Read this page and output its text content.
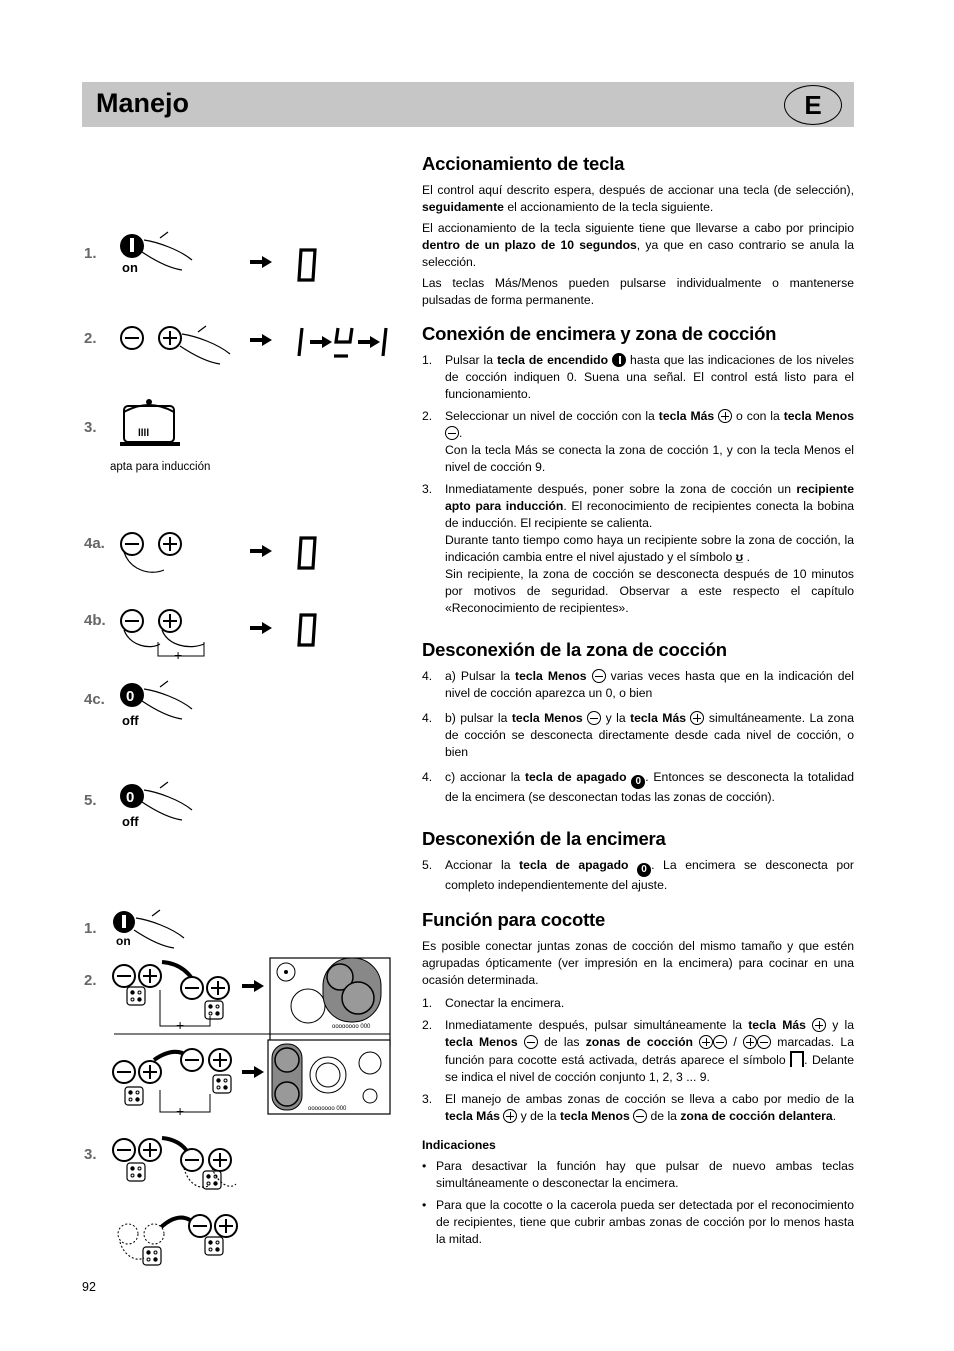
Manejo	E
1.
on
2.
3.	llll
apta para inducción
4a.
4b.
+
4c. 0
off
5. 0
off
1.
on
2.
+	oooooooo 000
+	oooooooo 000
3.
Accionamiento de tecla

El control aquí descrito espera, después de accionar una tecla (de selección), seguidamente el accionamiento de la tecla siguiente.

El accionamiento de la tecla siguiente tiene que llevarse a cabo por principio dentro de un plazo de 10 segundos, ya que en caso contrario se anula la selección.

Las teclas Más/Menos pueden pulsarse individualmente o mantenerse pulsadas de forma permanente.

Conexión de encimera y zona de cocción
1. Pulsar la tecla de encendido  hasta que las indicaciones de los niveles de cocción indiquen 0. Suena una señal. El control está listo para el funcionamiento.
2. Seleccionar un nivel de cocción con la tecla Más  o con la tecla Menos .
Con la tecla Más se conecta la zona de cocción 1, y con la tecla Menos el nivel de cocción 9.
3. Inmediatamente después, poner sobre la zona de cocción un recipiente apto para inducción. El reconocimiento de recipientes conecta la bobina de inducción. El recipiente se calienta.
Durante tanto tiempo como haya un recipiente sobre la zona de cocción, la indicación cambia entre el nivel ajustado y el símbolo ʊ̲ .
Sin recipiente, la zona de cocción se desconecta después de 10 minutos por motivos de seguridad. Observar a este respecto el capítulo «Reconocimiento de recipientes».
Desconexión de la zona de cocción
4. a) Pulsar la tecla Menos  varias veces hasta que en la indicación del nivel de cocción aparezca un 0, o bien
4. b) pulsar la tecla Menos  y la tecla Más  simultáneamente. La zona de cocción se desconecta directamente desde cada nivel de cocción, o bien
4. c) accionar la tecla de apagado 0 . Entonces se desconecta la totalidad de la encimera (se desconectan todas las zonas de cocción).
Desconexión de la encimera
5. Accionar la tecla de apagado 0 . La encimera se desconecta por completo independientemente del ajuste.
Función para cocotte

Es posible conectar juntas zonas de cocción del mismo tamaño y que estén agrupadas ópticamente (ver impresión en la encimera) para cocinar en una ocasión determinada.

1. Conectar la encimera.
2. Inmediatamente después, pulsar simultáneamente la tecla Más  y la tecla Menos  de las zonas de cocción	/  marcadas. La función para cocotte está activada, detrás aparece el símbolo . Delante se indica el nivel de cocción conjunto 1, 2, 3 ... 9.
3. El manejo de ambas zonas de cocción se lleva a cabo por medio de la tecla Más  y de la tecla Menos  de la zona de cocción delantera.
Indicaciones
• Para desactivar la función hay que pulsar de nuevo ambas teclas simultáneamente o desconectar la encimera.
• Para que la cocotte o la cacerola pueda ser detectada por el reconocimiento de recipientes, tiene que cubrir ambas zonas de cocción por lo menos hasta la mitad.
92
